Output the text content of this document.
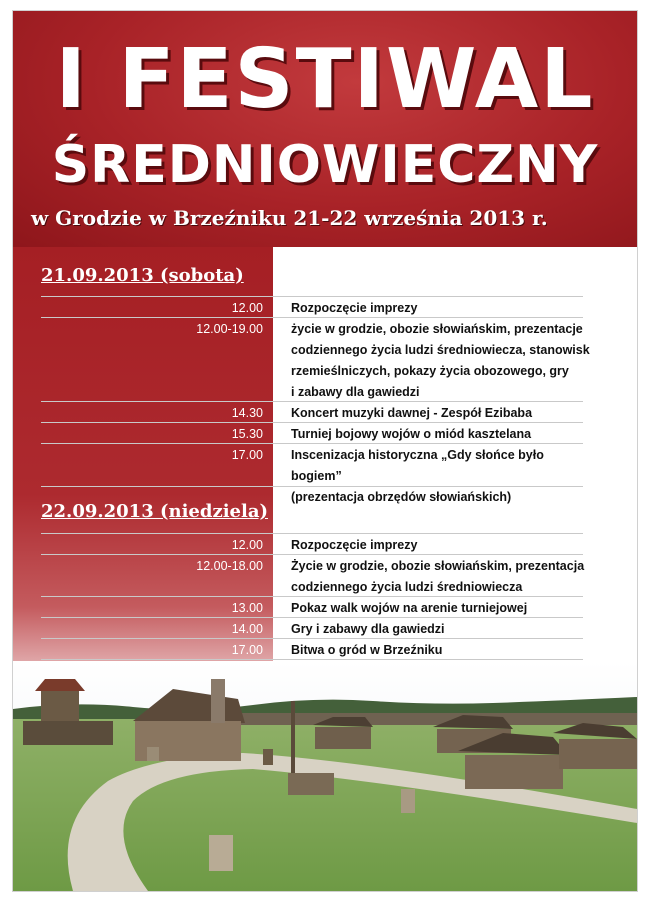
I FESTIWAL
ŚREDNIOWIECZNY
w Grodzie w Brzeźniku 21-22 września 2013 r.
21.09.2013 (sobota)
12.00 Rozpoczęcie imprezy
12.00-19.00 życie w grodzie, obozie słowiańskim, prezentacje
codziennego życia ludzi średniowiecza, stanowisk
rzemieślniczych, pokazy życia obozowego, gry
i zabawy dla gawiedzi
14.30 Koncert muzyki dawnej - Zespół Ezibaba
15.30 Turniej bojowy wojów o miód kasztelana
17.00 Inscenizacja historyczna „Gdy słońce było bogiem”
(prezentacja obrzędów słowiańskich)
22.09.2013 (niedziela)
12.00 Rozpoczęcie imprezy
12.00-18.00 Życie w grodzie, obozie słowiańskim, prezentacja
codziennego życia ludzi średniowiecza
13.00 Pokaz walk wojów na arenie turniejowej
14.00 Gry i zabawy dla gawiedzi
17.00 Bitwa o gród w Brzeźniku
